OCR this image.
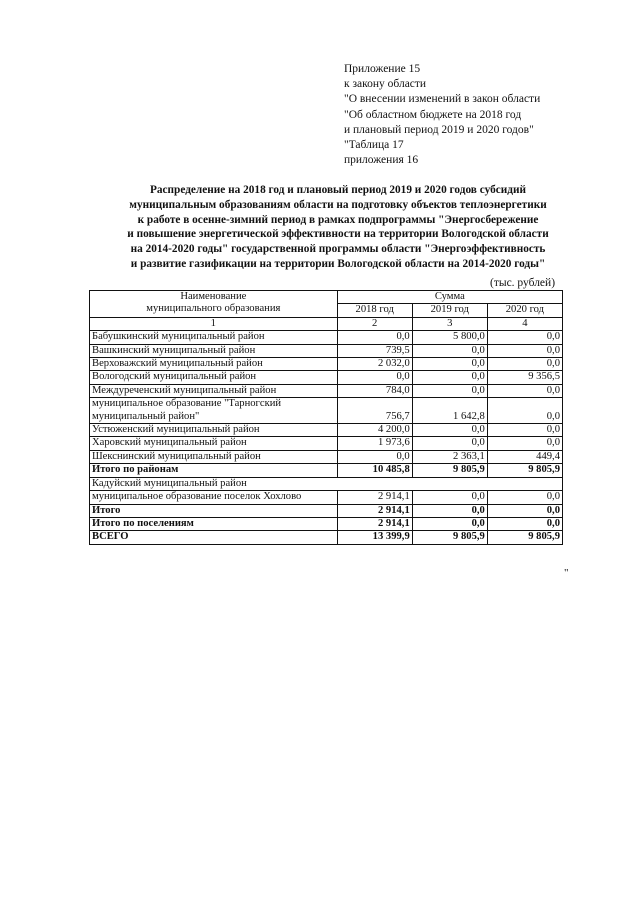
Приложение 15
к закону области
"О внесении изменений в закон области
"Об областном бюджете на 2018 год
и плановый период 2019 и 2020 годов"
"Таблица 17
приложения 16
Распределение на 2018 год и плановый период 2019 и 2020 годов субсидий
муниципальным образованиям области на подготовку объектов теплоэнергетики
к работе в осенне-зимний период в рамках подпрограммы "Энергосбережение
и повышение энергетической эффективности на территории Вологодской области
на 2014-2020 годы" государственной программы области "Энергоэффективность
и развитие газификации на территории Вологодской области на 2014-2020 годы"
(тыс. рублей)
Наименование
муниципального образования	Сумма		
	2018 год	2019 год	2020 год
1	2	3	4
Бабушкинский муниципальный район	0,0	5 800,0	0,0
Вашкинский муниципальный район	739,5	0,0	0,0
Верховажский муниципальный район	2 032,0	0,0	0,0
Вологодский муниципальный район	0,0	0,0	9 356,5
Междуреченский муниципальный район	784,0	0,0	0,0

муниципальное образование "Тарногский
муниципальный район"	756,7	1 642,8	0,0
Устюженский муниципальный район	4 200,0	0,0	0,0
Харовский муниципальный район	1 973,6	0,0	0,0
Шекснинский муниципальный район	0,0	2 363,1	449,4
Итого по районам	10 485,8	9 805,9	9 805,9
Кадуйский муниципальный район			
муниципальное образование поселок Хохлово	2 914,1	0,0	0,0
Итого	2 914,1	0,0	0,0
Итого по поселениям	2 914,1	0,0	0,0
ВСЕГО	13 399,9	9 805,9	9 805,9
"
